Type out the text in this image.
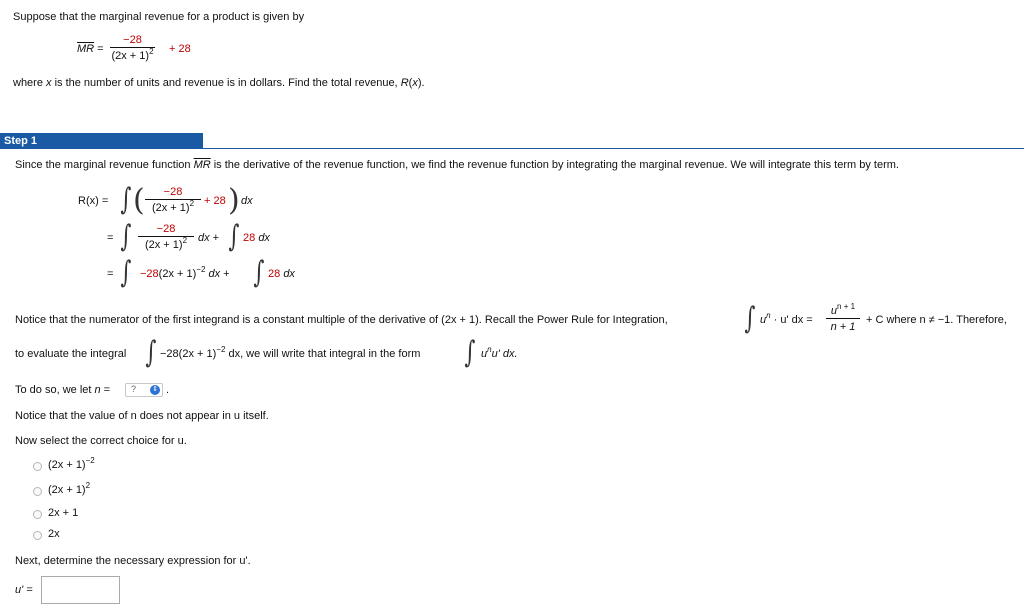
Suppose that the marginal revenue for a product is given by
$\overline{MR}$ =
−28
$(2x + 1)^2 + 28$
where x is the number of units and revenue is in dollars. Find the total revenue, R(x).
Step 1
Since the marginal revenue function $\overline{MR}$ is the derivative of the revenue function, we find the revenue function by integrating the marginal revenue. We will integrate this term by term.
R(x) = ∫ (	−28
$(2x + 1)^2 + 28$ ) dx
= ∫	−28
$(2x + 1)^2$ dx + ∫ 28 dx
= ∫ $-28(2x + 1)^{-2}$ dx + ∫ 28 dx
Notice that the numerator of the first integrand is a constant multiple of the derivative of (2x + 1). Recall the Power Rule for Integration,	∫ $u^n \cdot u'$ dx =
$u^{n + 1}$
n + 1
+ C where n ≠ −1. Therefore,
to evaluate the integral ∫ $-28(2x + 1)^{-2}$ dx, we will write that integral in the form ∫ $u^nu'$ dx.
To do so, we let n = ? ⇕ .
Notice that the value of n does not appear in u itself.
Now select the correct choice for u.
$(2x + 1)^{-2}$
$(2x + 1)^2$
2x + 1
2x
Next, determine the necessary expression for u'.
u' =
